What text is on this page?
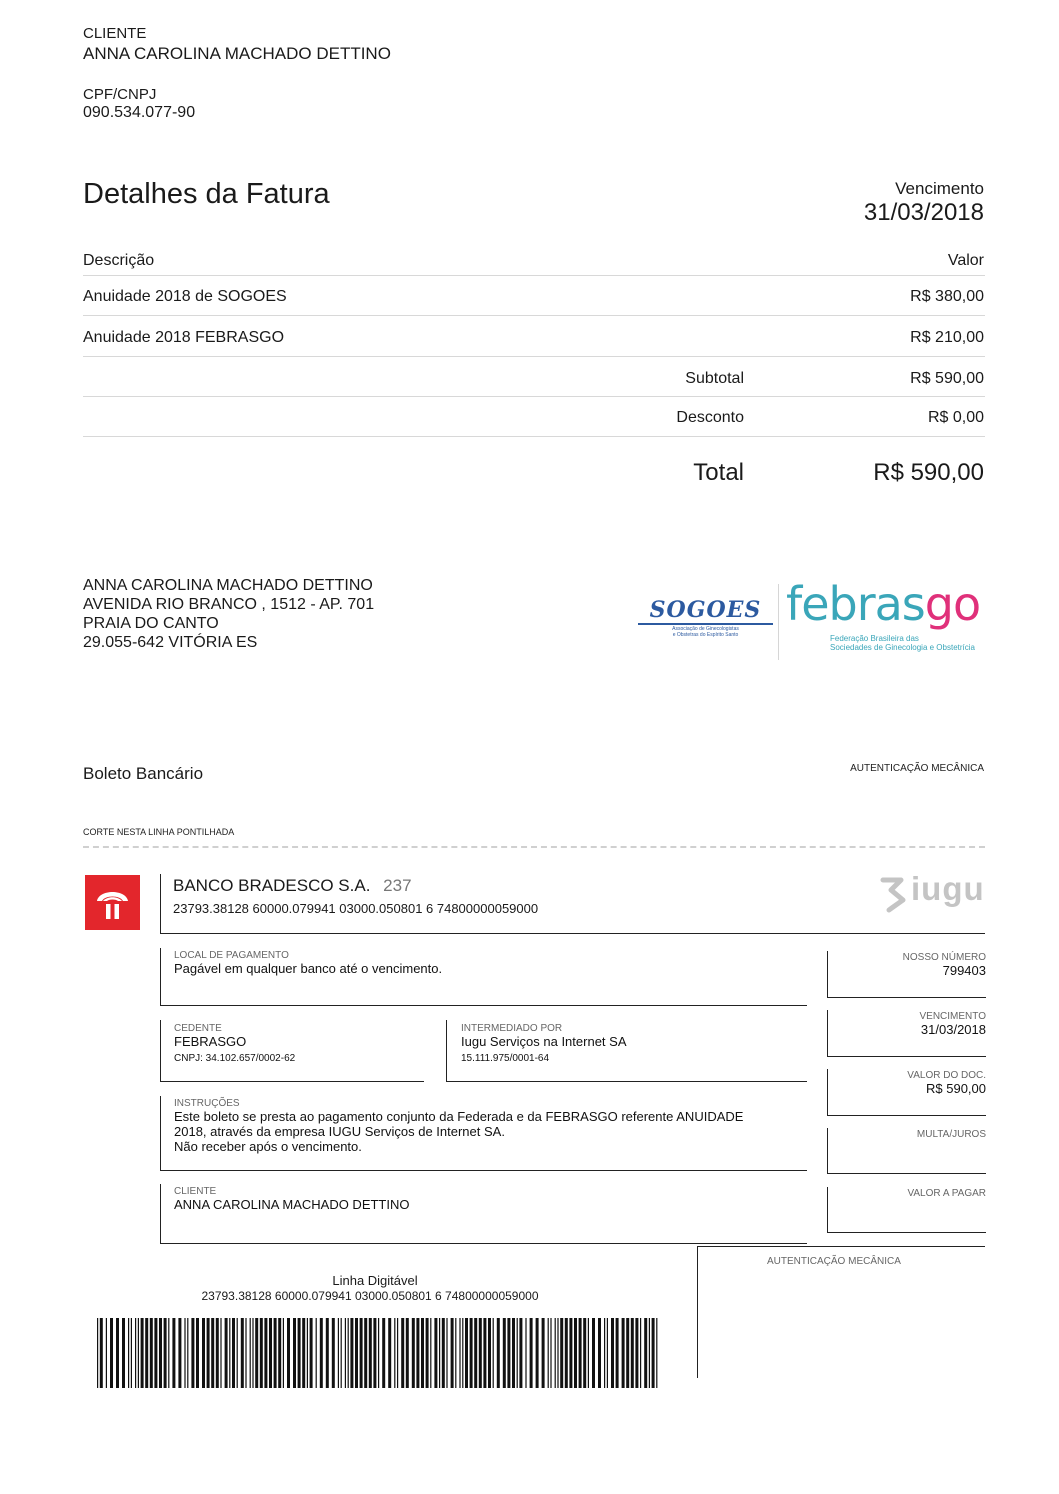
CLIENTE
ANNA CAROLINA MACHADO DETTINO
CPF/CNPJ
090.534.077-90
Detalhes da Fatura	Vencimento
31/03/2018
Descrição	Valor
Anuidade 2018 de SOGOES	R$ 380,00
Anuidade 2018 FEBRASGO	R$ 210,00
Subtotal	R$ 590,00
Desconto	R$ 0,00
Total	R$ 590,00
ANNA CAROLINA MACHADO DETTINO
AVENIDA RIO BRANCO , 1512 - AP. 701
PRAIA DO CANTO
29.055-642 VITÓRIA ES
SOGOES
Associação de Ginecologistas
e Obstetras do Espírito Santo
febrasgo
Federação Brasileira das
Sociedades de Ginecologia e Obstetrícia
Boleto Bancário	AUTENTICAÇÃO MECÂNICA
CORTE NESTA LINHA PONTILHADA
BANCO BRADESCO S.A. 237
23793.38128 60000.079941 03000.050801 6 74800000059000
iugu
LOCAL DE PAGAMENTO
Pagável em qualquer banco até o vencimento.
CEDENTE
FEBRASGO
CNPJ: 34.102.657/0002-62
INTERMEDIADO POR
Iugu Serviços na Internet SA
15.111.975/0001-64
INSTRUÇÕES
Este boleto se presta ao pagamento conjunto da Federada e da FEBRASGO referente ANUIDADE
2018, através da empresa IUGU Serviços de Internet SA.
Não receber após o vencimento.
CLIENTE
ANNA CAROLINA MACHADO DETTINO
NOSSO NÚMERO
799403
VENCIMENTO
31/03/2018
VALOR DO DOC.
R$ 590,00
MULTA/JUROS
VALOR A PAGAR
AUTENTICAÇÃO MECÂNICA
Linha Digitável
23793.38128 60000.079941 03000.050801 6 74800000059000
